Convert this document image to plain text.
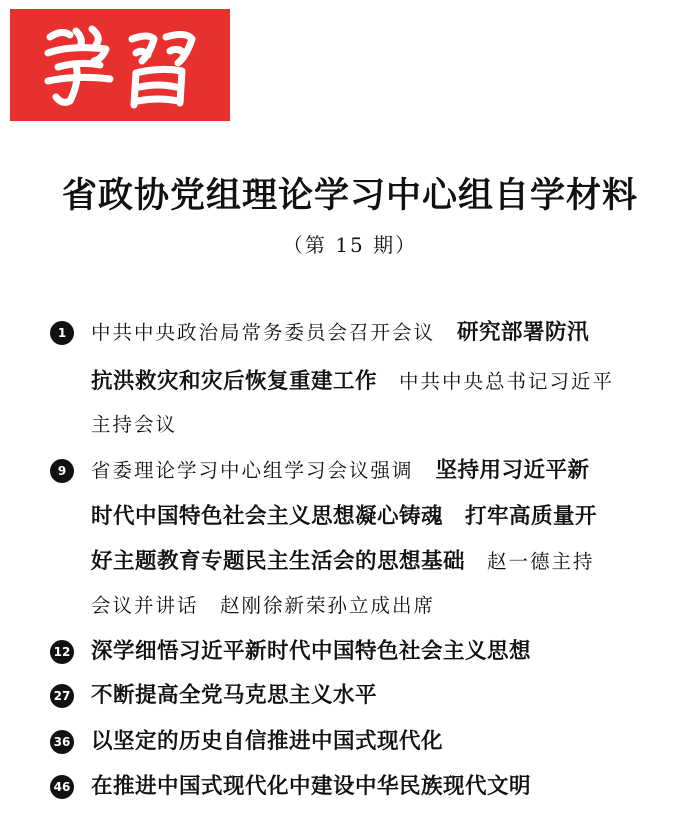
省政协党组理论学习中心组自学材料
（第 15 期）
1	中共中央政治局常务委员会召开会议 研究部署防汛
抗洪救灾和灾后恢复重建工作 中共中央总书记习近平
主持会议
9	省委理论学习中心组学习会议强调 坚持用习近平新
时代中国特色社会主义思想凝心铸魂　打牢高质量开
好主题教育专题民主生活会的思想基础 赵一德主持
会议并讲话　赵刚徐新荣孙立成出席
12 深学细悟习近平新时代中国特色社会主义思想
27 不断提高全党马克思主义水平
36 以坚定的历史自信推进中国式现代化
46 在推进中国式现代化中建设中华民族现代文明
